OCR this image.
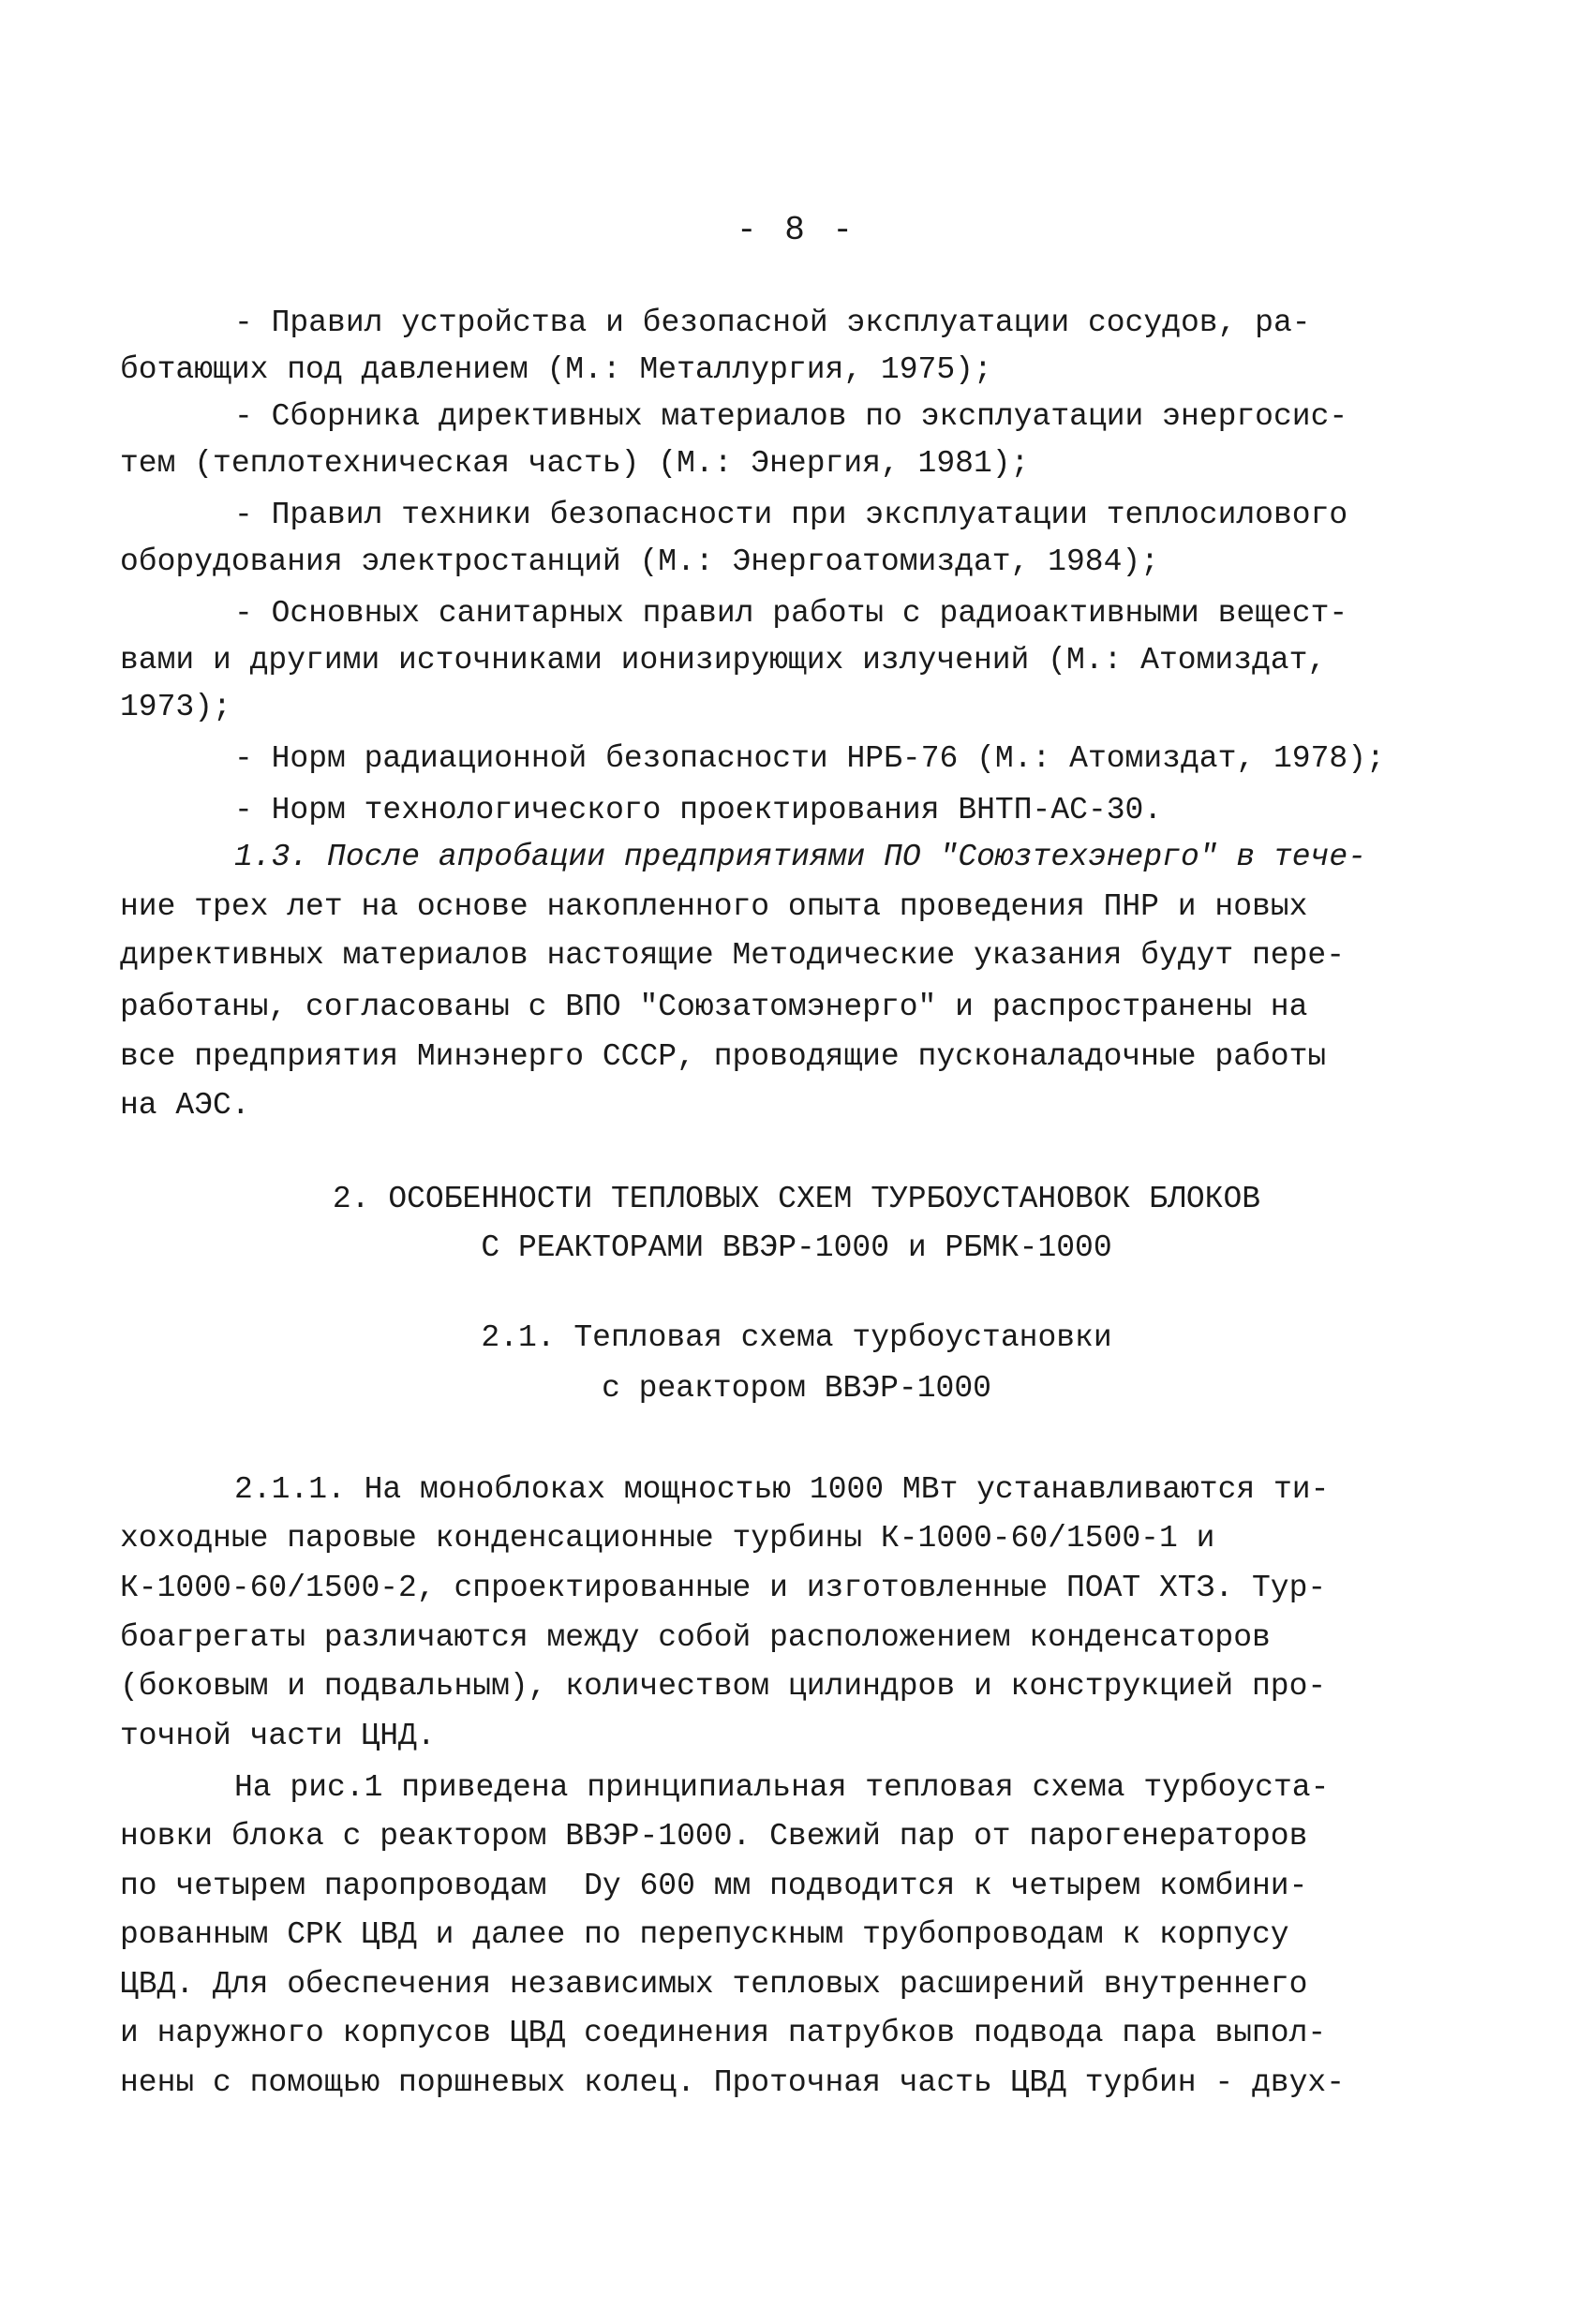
- 8 -
- Правил устройства и безопасной эксплуатации сосудов, ра-
ботающих под давлением (М.: Металлургия, 1975);
- Сборника директивных материалов по эксплуатации энергосис-
тем (теплотехническая часть) (М.: Энергия, 1981);
- Правил техники безопасности при эксплуатации теплосилового
оборудования электростанций (М.: Энергоатомиздат, 1984);
- Основных санитарных правил работы с радиоактивными вещест-
вами и другими источниками ионизирующих излучений (М.: Атомиздат,
1973);
- Норм радиационной безопасности НРБ-76 (М.: Атомиздат, 1978);
- Норм технологического проектирования ВНТП-АС-30.
1.3. После апробации предприятиями ПО "Союзтехэнерго" в тече-
ние трех лет на основе накопленного опыта проведения ПНР и новых
директивных материалов настоящие Методические указания будут пере-
работаны, согласованы с ВПО "Союзатомэнерго" и распространены на
все предприятия Минэнерго СССР, проводящие пусконаладочные работы
на АЭС.
2. ОСОБЕННОСТИ ТЕПЛОВЫХ СХЕМ ТУРБОУСТАНОВОК БЛОКОВ
С РЕАКТОРАМИ ВВЭР-1000 и РБМК-1000
2.1. Тепловая схема турбоустановки
с реактором ВВЭР-1000
2.1.1. На моноблоках мощностью 1000 МВт устанавливаются ти-
хоходные паровые конденсационные турбины К-1000-60/1500-1 и
К-1000-60/1500-2, спроектированные и изготовленные ПОАТ ХТЗ. Тур-
боагрегаты различаются между собой расположением конденсаторов
(боковым и подвальным), количеством цилиндров и конструкцией про-
точной части ЦНД.
На рис.1 приведена принципиальная тепловая схема турбоуста-
новки блока с реактором ВВЭР-1000. Свежий пар от парогенераторов
по четырем паропроводам  Dу 600 мм подводится к четырем комбини-
рованным СРК ЦВД и далее по перепускным трубопроводам к корпусу
ЦВД. Для обеспечения независимых тепловых расширений внутреннего
и наружного корпусов ЦВД соединения патрубков подвода пара выпол-
нены с помощью поршневых колец. Проточная часть ЦВД турбин - двух-
